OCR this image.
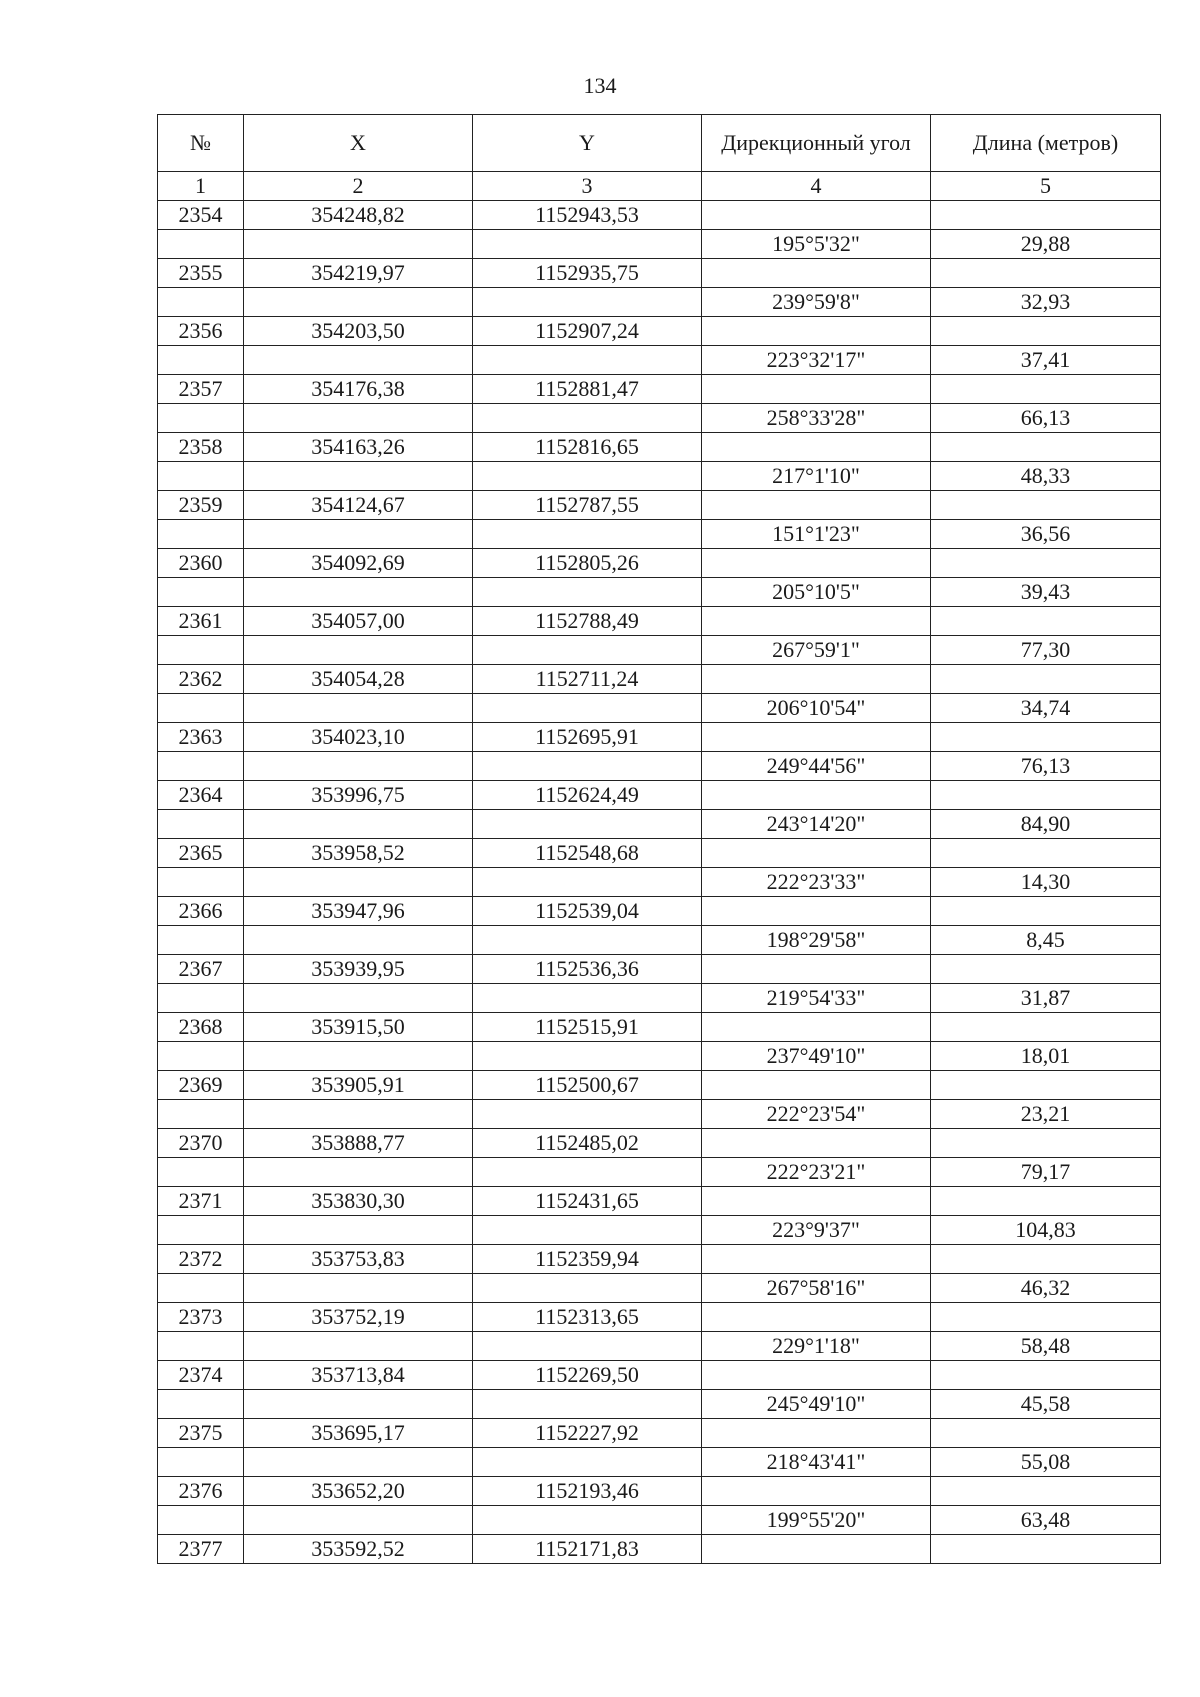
134
№	X	Y	Дирекционный угол	Длина (метров)
1	2	3	4	5
2354	354248,82	1152943,53		
			195°5'32"	29,88
2355	354219,97	1152935,75		
			239°59'8"	32,93
2356	354203,50	1152907,24		
			223°32'17"	37,41
2357	354176,38	1152881,47		
			258°33'28"	66,13
2358	354163,26	1152816,65		
			217°1'10"	48,33
2359	354124,67	1152787,55		
			151°1'23"	36,56
2360	354092,69	1152805,26		
			205°10'5"	39,43
2361	354057,00	1152788,49		
			267°59'1"	77,30
2362	354054,28	1152711,24		
			206°10'54"	34,74
2363	354023,10	1152695,91		
			249°44'56"	76,13
2364	353996,75	1152624,49		
			243°14'20"	84,90
2365	353958,52	1152548,68		
			222°23'33"	14,30
2366	353947,96	1152539,04		
			198°29'58"	8,45
2367	353939,95	1152536,36		
			219°54'33"	31,87
2368	353915,50	1152515,91		
			237°49'10"	18,01
2369	353905,91	1152500,67		
			222°23'54"	23,21
2370	353888,77	1152485,02		
			222°23'21"	79,17
2371	353830,30	1152431,65		
			223°9'37"	104,83
2372	353753,83	1152359,94		
			267°58'16"	46,32
2373	353752,19	1152313,65		
			229°1'18"	58,48
2374	353713,84	1152269,50		
			245°49'10"	45,58
2375	353695,17	1152227,92		
			218°43'41"	55,08
2376	353652,20	1152193,46		
			199°55'20"	63,48
2377	353592,52	1152171,83		
